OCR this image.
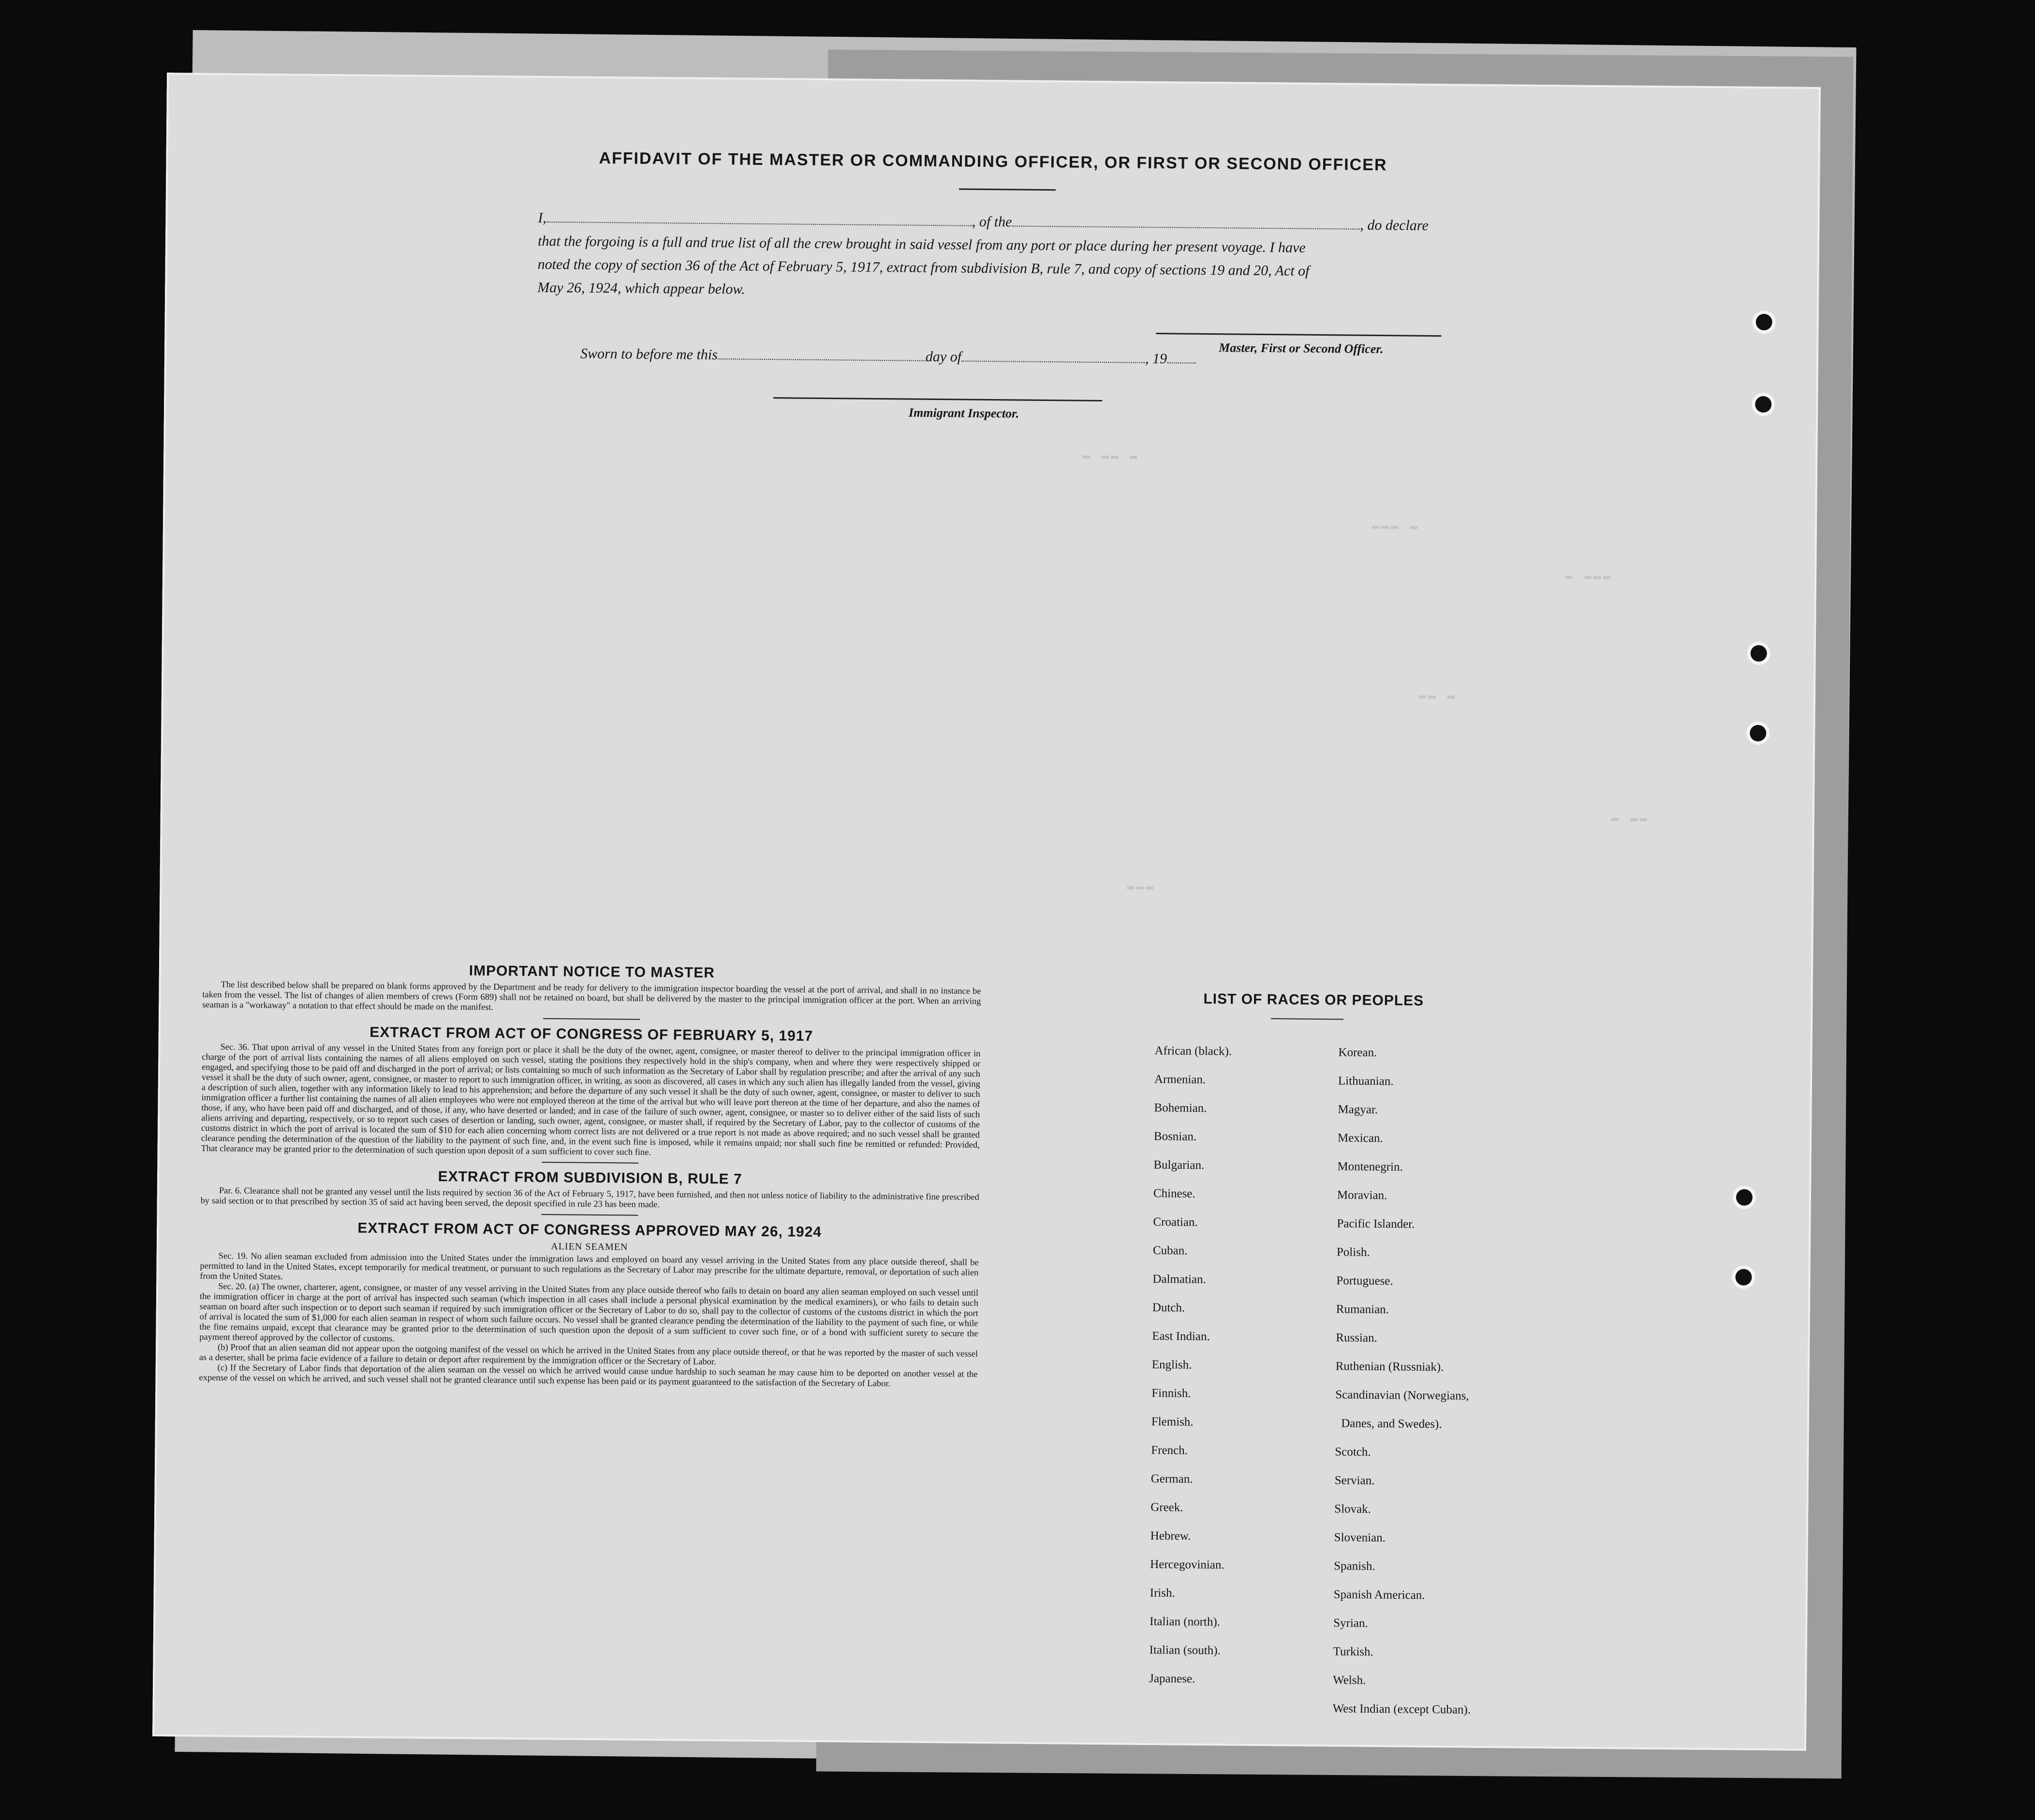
▬ ▬▬ ▬
▬▬▬ ▬
▬ ▬▬▬
▬▬ ▬
▬ ▬▬
▬▬▬
AFFIDAVIT OF THE MASTER OR COMMANDING OFFICER, OR FIRST OR SECOND OFFICER
I,	, of the	, do declare
that the forgoing is a full and true list of all the crew brought in said vessel from any port or place during her present voyage. I have
noted the copy of section 36 of the Act of February 5, 1917, extract from subdivision B, rule 7, and copy of sections 19 and 20, Act of
May 26, 1924, which appear below.
Master, First or Second Officer.
Sworn to before me this	day of	, 19
Immigrant Inspector.
IMPORTANT NOTICE TO MASTER

The list described below shall be prepared on blank forms approved by the Department and be ready for delivery to the immigration inspector boarding the vessel at the port of arrival, and shall in no instance be taken from the vessel. The list of changes of alien members of crews (Form 689) shall not be retained on board, but shall be delivered by the master to the principal immigration officer at the port. When an arriving seaman is a "workaway" a notation to that effect should be made on the manifest.

EXTRACT FROM ACT OF CONGRESS OF FEBRUARY 5, 1917

Sec. 36. That upon arrival of any vessel in the United States from any foreign port or place it shall be the duty of the owner, agent, consignee, or master thereof to deliver to the principal immigration officer in charge of the port of arrival lists containing the names of all aliens employed on such vessel, stating the positions they respectively hold in the ship's company, when and where they were respectively shipped or engaged, and specifying those to be paid off and discharged in the port of arrival; or lists containing so much of such information as the Secretary of Labor shall by regulation prescribe; and after the arrival of any such vessel it shall be the duty of such owner, agent, consignee, or master to report to such immigration officer, in writing, as soon as discovered, all cases in which any such alien has illegally landed from the vessel, giving a description of such alien, together with any information likely to lead to his apprehension; and before the departure of any such vessel it shall be the duty of such owner, agent, consignee, or master to deliver to such immigration officer a further list containing the names of all alien employees who were not employed thereon at the time of the arrival but who will leave port thereon at the time of her departure, and also the names of those, if any, who have been paid off and discharged, and of those, if any, who have deserted or landed; and in case of the failure of such owner, agent, consignee, or master so to deliver either of the said lists of such aliens arriving and departing, respectively, or so to report such cases of desertion or landing, such owner, agent, consignee, or master shall, if required by the Secretary of Labor, pay to the collector of customs of the customs district in which the port of arrival is located the sum of $10 for each alien concerning whom correct lists are not delivered or a true report is not made as above required; and no such vessel shall be granted clearance pending the determination of the question of the liability to the payment of such fine, and, in the event such fine is imposed, while it remains unpaid; nor shall such fine be remitted or refunded: Provided, That clearance may be granted prior to the determination of such question upon deposit of a sum sufficient to cover such fine.

EXTRACT FROM SUBDIVISION B, RULE 7

Par. 6. Clearance shall not be granted any vessel until the lists required by section 36 of the Act of February 5, 1917, have been furnished, and then not unless notice of liability to the administrative fine prescribed by said section or to that prescribed by section 35 of said act having been served, the deposit specified in rule 23 has been made.

EXTRACT FROM ACT OF CONGRESS APPROVED MAY 26, 1924
ALIEN SEAMEN

Sec. 19. No alien seaman excluded from admission into the United States under the immigration laws and employed on board any vessel arriving in the United States from any place outside thereof, shall be permitted to land in the United States, except temporarily for medical treatment, or pursuant to such regulations as the Secretary of Labor may prescribe for the ultimate departure, removal, or deportation of such alien from the United States.

Sec. 20. (a) The owner, charterer, agent, consignee, or master of any vessel arriving in the United States from any place outside thereof who fails to detain on board any alien seaman employed on such vessel until the immigration officer in charge at the port of arrival has inspected such seaman (which inspection in all cases shall include a personal physical examination by the medical examiners), or who fails to detain such seaman on board after such inspection or to deport such seaman if required by such immigration officer or the Secretary of Labor to do so, shall pay to the collector of customs of the customs district in which the port of arrival is located the sum of $1,000 for each alien seaman in respect of whom such failure occurs. No vessel shall be granted clearance pending the determination of the liability to the payment of such fine, or while the fine remains unpaid, except that clearance may be granted prior to the determination of such question upon the deposit of a sum sufficient to cover such fine, or of a bond with sufficient surety to secure the payment thereof approved by the collector of customs.

(b) Proof that an alien seaman did not appear upon the outgoing manifest of the vessel on which he arrived in the United States from any place outside thereof, or that he was reported by the master of such vessel as a deserter, shall be prima facie evidence of a failure to detain or deport after requirement by the immigration officer or the Secretary of Labor.

(c) If the Secretary of Labor finds that deportation of the alien seaman on the vessel on which he arrived would cause undue hardship to such seaman he may cause him to be deported on another vessel at the expense of the vessel on which he arrived, and such vessel shall not be granted clearance until such expense has been paid or its payment guaranteed to the satisfaction of the Secretary of Labor.

LIST OF RACES OR PEOPLES
African (black).
Armenian.
Bohemian.
Bosnian.
Bulgarian.
Chinese.
Croatian.
Cuban.
Dalmatian.
Dutch.
East Indian.
English.
Finnish.
Flemish.
French.
German.
Greek.
Hebrew.
Hercegovinian.
Irish.
Italian (north).
Italian (south).
Japanese.
Korean.
Lithuanian.
Magyar.
Mexican.
Montenegrin.
Moravian.
Pacific Islander.
Polish.
Portuguese.
Rumanian.
Russian.
Ruthenian (Russniak).
Scandinavian (Norwegians,
Danes, and Swedes).
Scotch.
Servian.
Slovak.
Slovenian.
Spanish.
Spanish American.
Syrian.
Turkish.
Welsh.
West Indian (except Cuban).
